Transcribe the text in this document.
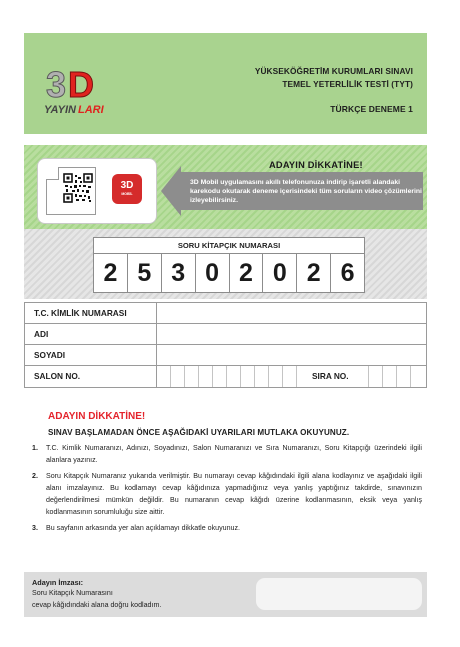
3 D
YAYIN LARI
YÜKSEKÖĞRETİM KURUMLARI SINAVI
TEMEL YETERLİLİK TESTİ (TYT)
TÜRKÇE DENEME 1
3D
MOBİL
ADAYIN DİKKATİNE!
3D Mobil uygulamasını akıllı telefonunuza indirip işaretli alandaki karekodu okutarak deneme içerisindeki tüm soruların video çözümlerini izleyebilirsiniz.
SORU KİTAPÇIK NUMARASI
2 5 3 0 2 0 2 6
T.C. KİMLİK NUMARASI
ADI
SOYADI
SALON NO.	SIRA NO.
ADAYIN DİKKATİNE!
SINAV BAŞLAMADAN ÖNCE AŞAĞIDAKİ UYARILARI MUTLAKA OKUYUNUZ.
1. T.C. Kimlik Numaranızı, Adınızı, Soyadınızı, Salon Numaranızı ve Sıra Numaranızı, Soru Kitapçığı üzerindeki ilgili alanlara yazınız.
2. Soru Kitapçık Numaranız yukarıda verilmiştir. Bu numarayı cevap kâğıdındaki ilgili alana kodlayınız ve aşağıdaki ilgili alanı imzalayınız. Bu kodlamayı cevap kâğıdınıza yapmadığınız veya yanlış yaptığınız takdirde, sınavınızın değerlendirilmesi mümkün değildir. Bu numaranın cevap kâğıdı üzerine kodlanmasının, eksik veya yanlış kodlanmasının sorumluluğu size aittir.
3. Bu sayfanın arkasında yer alan açıklamayı dikkatle okuyunuz.
Adayın İmzası:
Soru Kitapçık Numarasını
cevap kâğıdındaki alana doğru kodladım.
